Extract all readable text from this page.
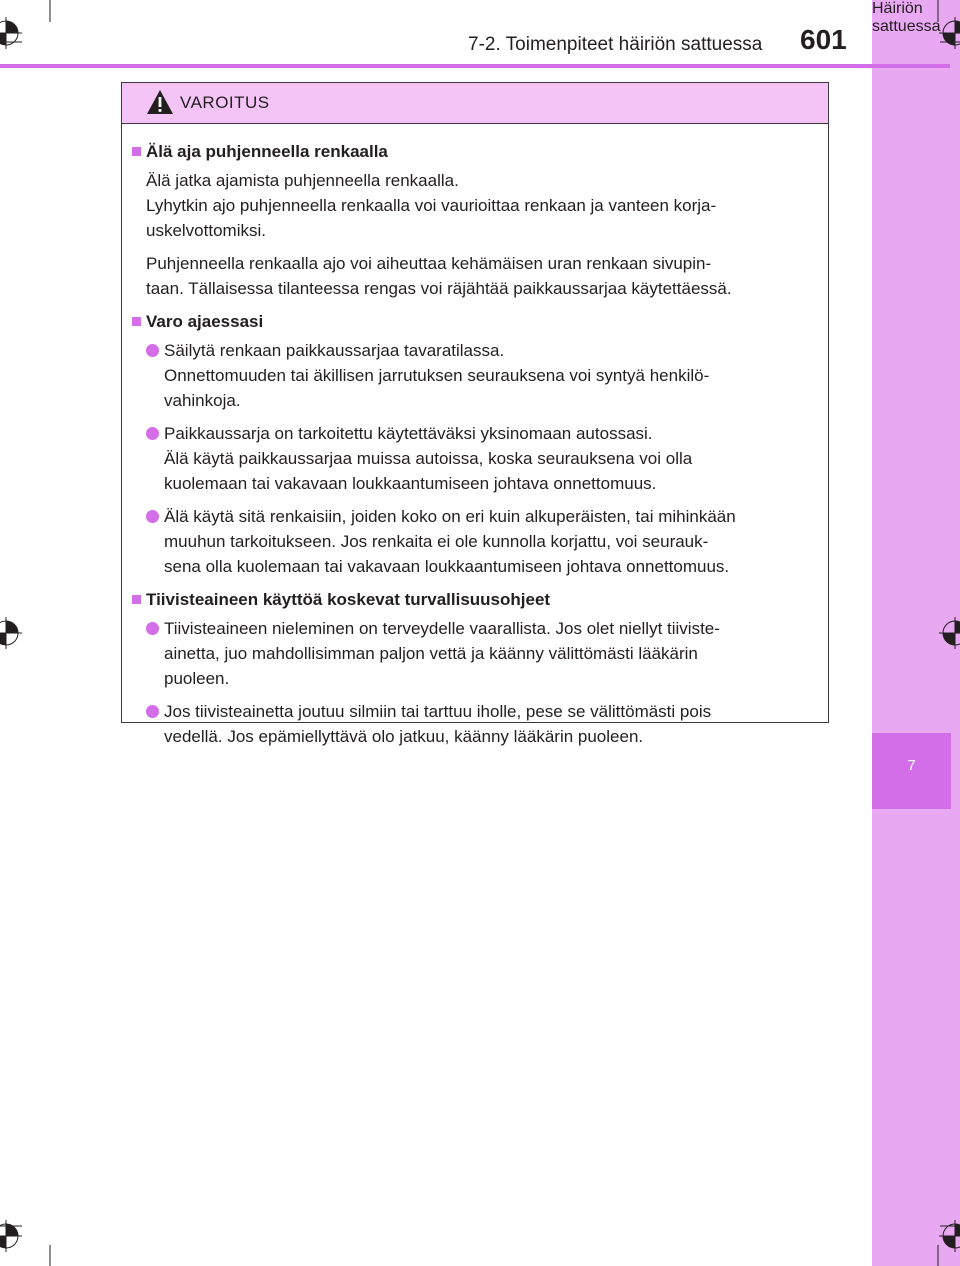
7
Häiriön sattuessa
7-2. Toimenpiteet häiriön sattuessa 601
VAROITUS
Älä aja puhjenneella renkaalla
Älä jatka ajamista puhjenneella renkaalla.
Lyhytkin ajo puhjenneella renkaalla voi vaurioittaa renkaan ja vanteen korja-
uskelvottomiksi.
Puhjenneella renkaalla ajo voi aiheuttaa kehämäisen uran renkaan sivupin-
taan. Tällaisessa tilanteessa rengas voi räjähtää paikkaussarjaa käytettäessä.
Varo ajaessasi
Säilytä renkaan paikkaussarjaa tavaratilassa.
Onnettomuuden tai äkillisen jarrutuksen seurauksena voi syntyä henkilö-
vahinkoja.
Paikkaussarja on tarkoitettu käytettäväksi yksinomaan autossasi.
Älä käytä paikkaussarjaa muissa autoissa, koska seurauksena voi olla
kuolemaan tai vakavaan loukkaantumiseen johtava onnettomuus.
Älä käytä sitä renkaisiin, joiden koko on eri kuin alkuperäisten, tai mihinkään
muuhun tarkoitukseen. Jos renkaita ei ole kunnolla korjattu, voi seurauk-
sena olla kuolemaan tai vakavaan loukkaantumiseen johtava onnettomuus.
Tiivisteaineen käyttöä koskevat turvallisuusohjeet
Tiivisteaineen nieleminen on terveydelle vaarallista. Jos olet niellyt tiiviste-
ainetta, juo mahdollisimman paljon vettä ja käänny välittömästi lääkärin
puoleen.
Jos tiivisteainetta joutuu silmiin tai tarttuu iholle, pese se välittömästi pois
vedellä. Jos epämiellyttävä olo jatkuu, käänny lääkärin puoleen.
